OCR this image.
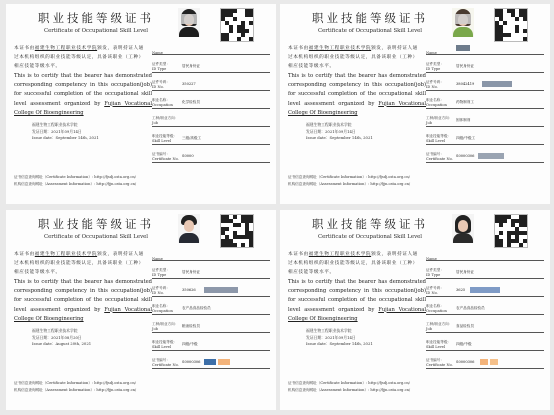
职业技能等级证书
Certificate of Occupational Skill Level
本证书由福建生物工程职业技术学院颁发，表明持证人通过本机构组织的职业技能等级认定，具备该职业（工种）相应技能等级水平。
This is to certify that the bearer has demonstrated corresponding competency in this occupation(job) for successful completion of the occupational skill level assessment organized by Fujian Vocational College Of Bioengineering
福建生物工程职业技术学院
发证日期：2021年09月14日
Issue date：September 14th, 2021
证书信息查询网址（Certificate Information）: http://fjsdj.osta.org.cn/
机构信息查询网址（Assessment Information）: http://fjjn.osta.org.cn/
Name
证件类型：
ID Type
居民身份证
证件号码：
ID No.
350227
职业名称：
Occupation
化学检验员
工种/职业方向：
Job
职业技能等级：
Skill Level
三级/高级工
证书编号：
Certificate No.
S0000
职业技能等级证书
Certificate of Occupational Skill Level
本证书由福建生物工程职业技术学院颁发，表明持证人通过本机构组织的职业技能等级认定，具备该职业（工种）相应技能等级水平。
This is to certify that the bearer has demonstrated corresponding competency in this occupation(job) for successful completion of the occupational skill level assessment organized by Fujian Vocational College Of Bioengineering
福建生物工程职业技术学院
发证日期：2021年09月14日
Issue date：September 14th, 2021
证书信息查询网址（Certificate Information）: http://fjsdj.osta.org.cn/
机构信息查询网址（Assessment Information）: http://fjjn.osta.org.cn/
Name
证件类型：
ID Type
居民身份证
证件号码：
ID No.
38042419
职业名称：
Occupation
药物制剂工
工种/职业方向：
Job
固体制剂
职业技能等级：
Skill Level
四级/中级工
证书编号：
Certificate No.
S0000306
职业技能等级证书
Certificate of Occupational Skill Level
本证书由福建生物工程职业技术学院颁发，表明持证人通过本机构组织的职业技能等级认定，具备该职业（工种）相应技能等级水平。
This is to certify that the bearer has demonstrated corresponding competency in this occupation(job) for successful completion of the occupational skill level assessment organized by Fujian Vocational College Of Bioengineering
福建生物工程职业技术学院
发证日期：2021年08月20日
Issue date：August 20th, 2021
证书信息查询网址（Certificate Information）: http://fjsdj.osta.org.cn/
机构信息查询网址（Assessment Information）: http://fjjn.osta.org.cn/
Name
证件类型：
ID Type
居民身份证
证件号码：
ID No.
350626
职业名称：
Occupation
农产品食品检验员
工种/职业方向：
Job
粮油检验员
职业技能等级：
Skill Level
四级/中级
证书编号：
Certificate No.
S0000306
职业技能等级证书
Certificate of Occupational Skill Level
本证书由福建生物工程职业技术学院颁发，表明持证人通过本机构组织的职业技能等级认定，具备该职业（工种）相应技能等级水平。
This is to certify that the bearer has demonstrated corresponding competency in this occupation(job) for successful completion of the occupational skill level assessment organized by Fujian Vocational College Of Bioengineering
福建生物工程职业技术学院
发证日期：2021年09月14日
Issue date：September 14th, 2021
证书信息查询网址（Certificate Information）: http://fjsdj.osta.org.cn/
机构信息查询网址（Assessment Information）: http://fjjn.osta.org.cn/
Name
证件类型：
ID Type
居民身份证
证件号码：
ID No.
3625
职业名称：
Occupation
农产品食品检验员
工种/职业方向：
Job
食品检验员
职业技能等级：
Skill Level
四级/中级
证书编号：
Certificate No.
S0000306
